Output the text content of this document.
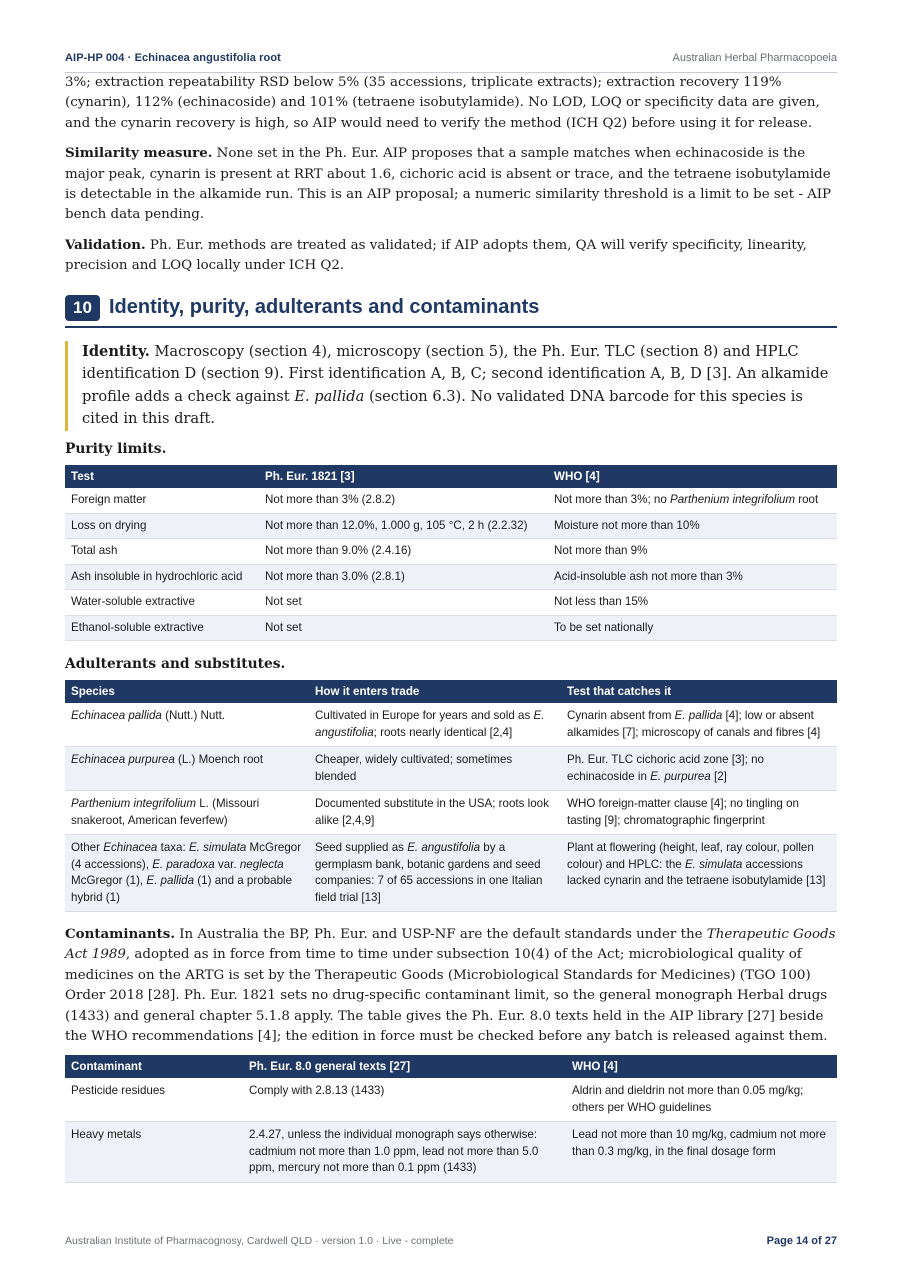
AIP-HP 004 · Echinacea angustifolia root	Australian Herbal Pharmacopoeia

3%; extraction repeatability RSD below 5% (35 accessions, triplicate extracts); extraction recovery 119% (cynarin), 112% (echinacoside) and 101% (tetraene isobutylamide). No LOD, LOQ or specificity data are given, and the cynarin recovery is high, so AIP would need to verify the method (ICH Q2) before using it for release.

Similarity measure. None set in the Ph. Eur. AIP proposes that a sample matches when echinacoside is the major peak, cynarin is present at RRT about 1.6, cichoric acid is absent or trace, and the tetraene isobutylamide is detectable in the alkamide run. This is an AIP proposal; a numeric similarity threshold is a limit to be set - AIP bench data pending.

Validation. Ph. Eur. methods are treated as validated; if AIP adopts them, QA will verify specificity, linearity, precision and LOQ locally under ICH Q2.

10 Identity, purity, adulterants and contaminants

Identity. Macroscopy (section 4), microscopy (section 5), the Ph. Eur. TLC (section 8) and HPLC identification D (section 9). First identification A, B, C; second identification A, B, D [3]. An alkamide profile adds a check against E. pallida (section 6.3). No validated DNA barcode for this species is cited in this draft.

Purity limits.
Test	Ph. Eur. 1821 [3]	WHO [4]
Foreign matter	Not more than 3% (2.8.2)	Not more than 3%; no Parthenium integrifolium root
Loss on drying	Not more than 12.0%, 1.000 g, 105 °C, 2 h (2.2.32)	Moisture not more than 10%
Total ash	Not more than 9.0% (2.4.16)	Not more than 9%
Ash insoluble in hydrochloric acid	Not more than 3.0% (2.8.1)	Acid-insoluble ash not more than 3%
Water-soluble extractive	Not set	Not less than 15%
Ethanol-soluble extractive	Not set	To be set nationally
Adulterants and substitutes.
Species	How it enters trade	Test that catches it
Echinacea pallida (Nutt.) Nutt.	Cultivated in Europe for years and sold as E. angustifolia; roots nearly identical [2,4]	Cynarin absent from E. pallida [4]; low or absent alkamides [7]; microscopy of canals and fibres [4]
Echinacea purpurea (L.) Moench root	Cheaper, widely cultivated; sometimes blended	Ph. Eur. TLC cichoric acid zone [3]; no echinacoside in E. purpurea [2]
Parthenium integrifolium L. (Missouri snakeroot, American feverfew)	Documented substitute in the USA; roots look alike [2,4,9]	WHO foreign-matter clause [4]; no tingling on tasting [9]; chromatographic fingerprint
Other Echinacea taxa: E. simulata McGregor (4 accessions), E. paradoxa var. neglecta McGregor (1), E. pallida (1) and a probable hybrid (1)	Seed supplied as E. angustifolia by a germplasm bank, botanic gardens and seed companies: 7 of 65 accessions in one Italian field trial [13]	Plant at flowering (height, leaf, ray colour, pollen colour) and HPLC: the E. simulata accessions lacked cynarin and the tetraene isobutylamide [13]

Contaminants. In Australia the BP, Ph. Eur. and USP-NF are the default standards under the Therapeutic Goods Act 1989, adopted as in force from time to time under subsection 10(4) of the Act; microbiological quality of medicines on the ARTG is set by the Therapeutic Goods (Microbiological Standards for Medicines) (TGO 100) Order 2018 [28]. Ph. Eur. 1821 sets no drug-specific contaminant limit, so the general monograph Herbal drugs (1433) and general chapter 5.1.8 apply. The table gives the Ph. Eur. 8.0 texts held in the AIP library [27] beside the WHO recommendations [4]; the edition in force must be checked before any batch is released against them.

Contaminant	Ph. Eur. 8.0 general texts [27]	WHO [4]
Pesticide residues	Comply with 2.8.13 (1433)	Aldrin and dieldrin not more than 0.05 mg/kg; others per WHO guidelines
Heavy metals	2.4.27, unless the individual monograph says otherwise: cadmium not more than 1.0 ppm, lead not more than 5.0 ppm, mercury not more than 0.1 ppm (1433)	Lead not more than 10 mg/kg, cadmium not more than 0.3 mg/kg, in the final dosage form
Australian Institute of Pharmacognosy, Cardwell QLD · version 1.0 · Live - complete	Page 14 of 27
